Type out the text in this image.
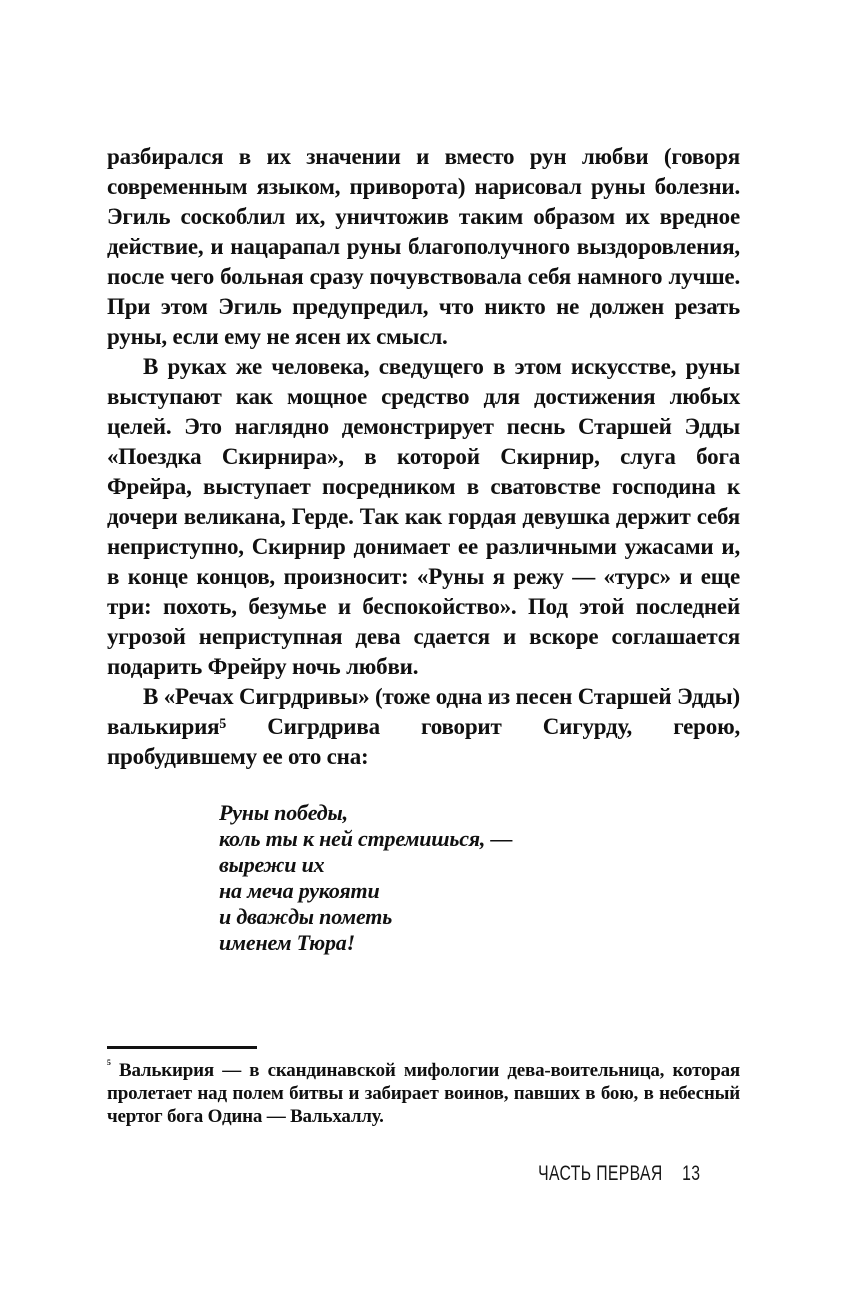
разбирался в их значении и вместо рун любви (говоря современным языком, приворота) нарисовал руны болезни. Эгиль соскоблил их, уничтожив таким образом их вредное действие, и нацарапал руны благополучного выздоровления, после чего больная сразу почувствовала себя намного лучше. При этом Эгиль предупредил, что никто не должен резать руны, если ему не ясен их смысл.

В руках же человека, сведущего в этом искусстве, руны выступают как мощное средство для достижения любых целей. Это наглядно демонстрирует песнь Старшей Эдды «Поездка Скирнира», в которой Скирнир, слуга бога Фрейра, выступает посредником в сватовстве господина к дочери великана, Герде. Так как гордая девушка держит себя неприступно, Скирнир донимает ее различными ужасами и, в конце концов, произносит: «Руны я режу — «турс» и еще три: похоть, безумье и беспокойство». Под этой последней угрозой неприступная дева сдается и вскоре соглашается подарить Фрейру ночь любви.

В «Речах Сигрдривы» (тоже одна из песен Старшей Эдды) валькирия⁵ Сигрдрива говорит Сигурду, герою, пробудившему ее ото сна:

Руны победы,
коль ты к ней стремишься, —
вырежи их
на меча рукояти
и дважды пометь
именем Тюра!

$^{^5}$ Валькирия — в скандинавской мифологии дева-воительница, которая пролетает над полем битвы и забирает воинов, павших в бою, в небесный чертог бога Одина — Вальхаллу.

ЧАСТЬ ПЕРВАЯ 13
